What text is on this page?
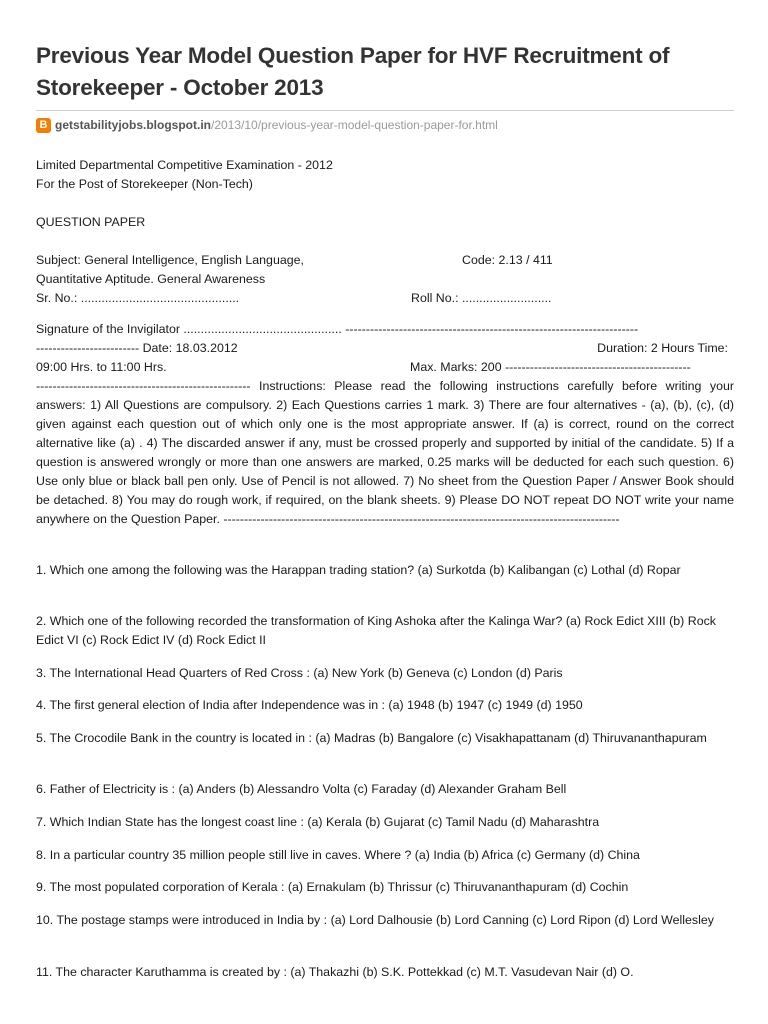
Previous Year Model Question Paper for HVF Recruitment of Storekeeper - October 2013
B getstabilityjobs.blogspot.in /2013/10/previous-year-model-question-paper-for.html
Limited Departmental Competitive Examination - 2012
For the Post of Storekeeper (Non-Tech)
QUESTION PAPER
Subject: General Intelligence, English Language,	Code: 2.13 / 411
Quantitative Aptitude. General Awareness
Sr. No.: ..............................................	Roll No.: ..........................
Signature of the Invigilator .............................................. -----------------------------------------------------------------------
------------------------- Date: 18.03.2012	Duration: 2 Hours Time:
09:00 Hrs. to 11:00 Hrs.	Max. Marks: 200 ---------------------------------------------
---------------------------------------------------- Instructions: Please read the following instructions carefully before writing your answers: 1) All Questions are compulsory. 2) Each Questions carries 1 mark. 3) There are four alternatives - (a), (b), (c), (d) given against each question out of which only one is the most appropriate answer. If (a) is correct, round on the correct alternative like (a) . 4) The discarded answer if any, must be crossed properly and supported by initial of the candidate. 5) If a question is answered wrongly or more than one answers are marked, 0.25 marks will be deducted for each such question. 6) Use only blue or black ball pen only. Use of Pencil is not allowed. 7) No sheet from the Question Paper / Answer Book should be detached. 8) You may do rough work, if required, on the blank sheets. 9) Please DO NOT repeat DO NOT write your name anywhere on the Question Paper. ------------------------------------------------------------------------------------------------
1. Which one among the following was the Harappan trading station? (a) Surkotda (b) Kalibangan (c) Lothal (d) Ropar
2. Which one of the following recorded the transformation of King Ashoka after the Kalinga War? (a) Rock Edict XIII (b) Rock Edict VI (c) Rock Edict IV (d) Rock Edict II
3. The International Head Quarters of Red Cross : (a) New York (b) Geneva (c) London (d) Paris
4. The first general election of India after Independence was in : (a) 1948 (b) 1947 (c) 1949 (d) 1950
5. The Crocodile Bank in the country is located in : (a) Madras (b) Bangalore (c) Visakhapattanam (d) Thiruvananthapuram
6. Father of Electricity is : (a) Anders (b) Alessandro Volta (c) Faraday (d) Alexander Graham Bell
7. Which Indian State has the longest coast line : (a) Kerala (b) Gujarat (c) Tamil Nadu (d) Maharashtra
8. In a particular country 35 million people still live in caves. Where ? (a) India (b) Africa (c) Germany (d) China
9. The most populated corporation of Kerala : (a) Ernakulam (b) Thrissur (c) Thiruvananthapuram (d) Cochin
10. The postage stamps were introduced in India by : (a) Lord Dalhousie (b) Lord Canning (c) Lord Ripon (d) Lord Wellesley
11. The character Karuthamma is created by : (a) Thakazhi (b) S.K. Pottekkad (c) M.T. Vasudevan Nair (d) O.
